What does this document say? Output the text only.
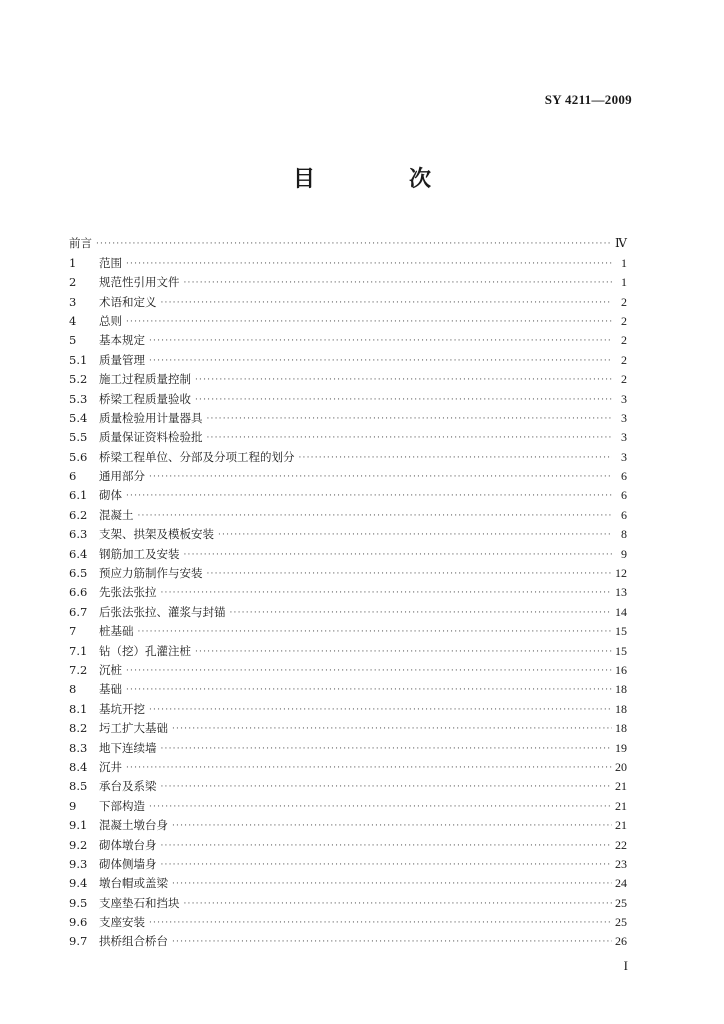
SY 4211—2009
目　次
前言 ·····	Ⅳ
1	范围 ·····	1
2	规范性引用文件 ·····	1
3	术语和定义 ·····	2
4	总则 ·····	2
5	基本规定 ·····	2
5.1	质量管理 ·····	2
5.2	施工过程质量控制 ·····	2
5.3	桥梁工程质量验收 ·····	3
5.4	质量检验用计量器具 ·····	3
5.5	质量保证资料检验批 ·····	3
5.6	桥梁工程单位、分部及分项工程的划分 ·····	3
6	通用部分 ·····	6
6.1	砌体 ·····	6
6.2	混凝土 ·····	6
6.3	支架、拱架及模板安装 ·····	8
6.4	钢筋加工及安装 ·····	9
6.5	预应力筋制作与安装 ·····	12
6.6	先张法张拉 ·····	13
6.7	后张法张拉、灌浆与封锚 ·····	14
7	桩基础 ·····	15
7.1	钻（挖）孔灌注桩 ·····	15
7.2	沉桩 ·····	16
8	基础 ·····	18
8.1	基坑开挖 ·····	18
8.2	圬工扩大基础 ·····	18
8.3	地下连续墙 ·····	19
8.4	沉井 ·····	20
8.5	承台及系梁 ·····	21
9	下部构造 ·····	21
9.1	混凝土墩台身 ·····	21
9.2	砌体墩台身 ·····	22
9.3	砌体侧墙身 ·····	23
9.4	墩台帽或盖梁 ·····	24
9.5	支座垫石和挡块 ·····	25
9.6	支座安装 ·····	25
9.7	拱桥组合桥台 ·····	26
I
